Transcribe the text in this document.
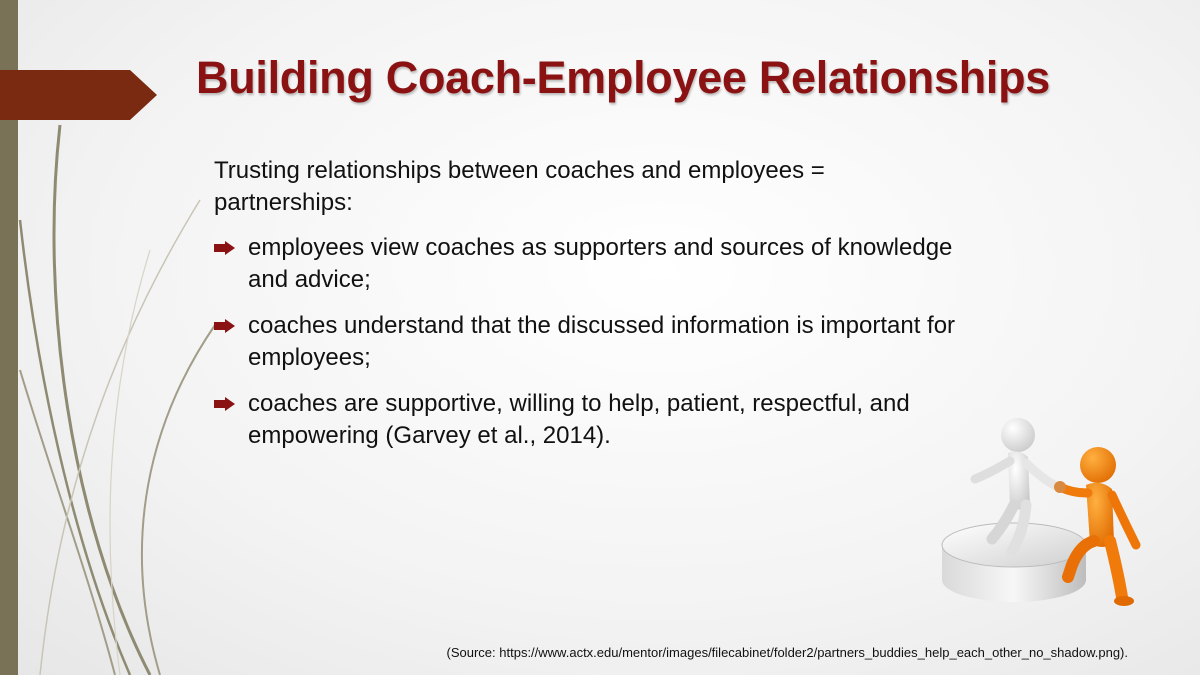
Building Coach-Employee Relationships
Trusting relationships between coaches and employees = partnerships:
employees view coaches as supporters and sources of knowledge and advice;
coaches understand that the discussed information is important for employees;
coaches are supportive, willing to help, patient, respectful, and empowering (Garvey et al., 2014).
(Source: https://www.actx.edu/mentor/images/filecabinet/folder2/partners_buddies_help_each_other_no_shadow.png).
